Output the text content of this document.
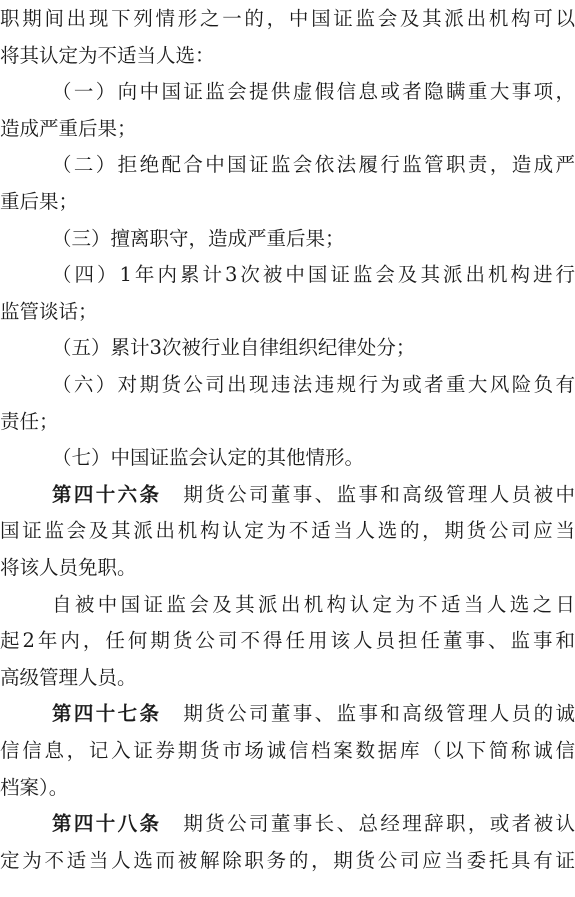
职期间出现下列情形之一的，中国证监会及其派出机构可以
将其认定为不适当人选：
（一）向中国证监会提供虚假信息或者隐瞒重大事项，
造成严重后果；
（二）拒绝配合中国证监会依法履行监管职责，造成严
重后果；
（三）擅离职守，造成严重后果；
（四）1年内累计3次被中国证监会及其派出机构进行
监管谈话；
（五）累计3次被行业自律组织纪律处分；
（六）对期货公司出现违法违规行为或者重大风险负有
责任；
（七）中国证监会认定的其他情形。
第四十六条　 期货公司董事、监事和高级管理人员被中
国证监会及其派出机构认定为不适当人选的，期货公司应当
将该人员免职。
自被中国证监会及其派出机构认定为不适当人选之日
起2年内，任何期货公司不得任用该人员担任董事、监事和
高级管理人员。
第四十七条　 期货公司董事、监事和高级管理人员的诚
信信息，记入证券期货市场诚信档案数据库（以下简称诚信
档案）。
第四十八条　 期货公司董事长、总经理辞职，或者被认
定为不适当人选而被解除职务的，期货公司应当委托具有证
